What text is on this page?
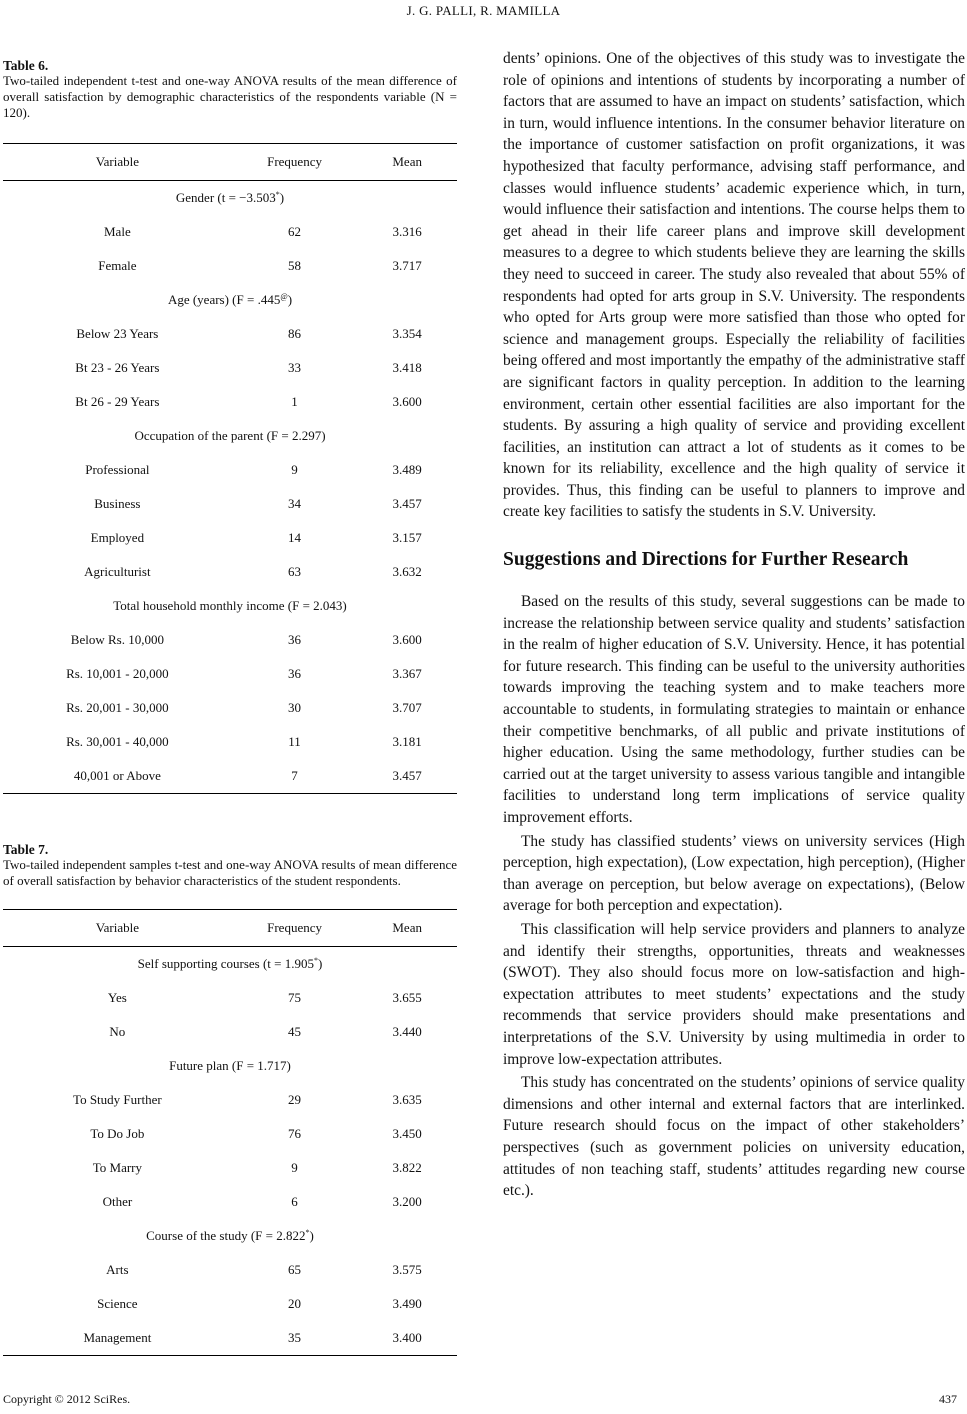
J. G. PALLI, R. MAMILLA
Table 6.
Two-tailed independent t-test and one-way ANOVA results of the mean difference of overall satisfaction by demographic characteristics of the respondents variable (N = 120).
Variable	Frequency	Mean
Gender (t = −3.503*)		
Male	62	3.316
Female	58	3.717
Age (years) (F = .445@)		
Below 23 Years	86	3.354
Bt 23 - 26 Years	33	3.418
Bt 26 - 29 Years	1	3.600
Occupation of the parent (F = 2.297)		
Professional	9	3.489
Business	34	3.457
Employed	14	3.157
Agriculturist	63	3.632
Total household monthly income (F = 2.043)		
Below Rs. 10,000	36	3.600
Rs. 10,001 - 20,000	36	3.367
Rs. 20,001 - 30,000	30	3.707
Rs. 30,001 - 40,000	11	3.181
40,001 or Above	7	3.457
Table 7.
Two-tailed independent samples t-test and one-way ANOVA results of mean difference of overall satisfaction by behavior characteristics of the student respondents.
Variable	Frequency	Mean
Self supporting courses (t = 1.905*)		
Yes	75	3.655
No	45	3.440
Future plan (F = 1.717)		
To Study Further	29	3.635
To Do Job	76	3.450
To Marry	9	3.822
Other	6	3.200
Course of the study (F = 2.822*)		
Arts	65	3.575
Science	20	3.490
Management	35	3.400

dents’ opinions. One of the objectives of this study was to investigate the role of opinions and intentions of students by incorporating a number of factors that are assumed to have an impact on students’ satisfaction, which in turn, would influence intentions. In the consumer behavior literature on the importance of customer satisfaction on profit organizations, it was hypothesized that faculty performance, advising staff performance, and classes would influence students’ academic experience which, in turn, would influence their satisfaction and intentions. The course helps them to get ahead in their life career plans and improve skill development measures to a degree to which students believe they are learning the skills they need to succeed in career. The study also revealed that about 55% of respondents had opted for arts group in S.V. University. The respondents who opted for Arts group were more satisfied than those who opted for science and management groups. Especially the reliability of facilities being offered and most importantly the empathy of the administrative staff are significant factors in quality perception. In addition to the learning environment, certain other essential facilities are also important for the students. By assuring a high quality of service and providing excellent facilities, an institution can attract a lot of students as it comes to be known for its reliability, excellence and the high quality of service it provides. Thus, this finding can be useful to planners to improve and create key facilities to satisfy the students in S.V. University.

Suggestions and Directions for Further Research

Based on the results of this study, several suggestions can be made to increase the relationship between service quality and students’ satisfaction in the realm of higher education of S.V. University. Hence, it has potential for future research. This finding can be useful to the university authorities towards improving the teaching system and to make teachers more accountable to students, in formulating strategies to maintain or enhance their competitive benchmarks, of all public and private institutions of higher education. Using the same methodology, further studies can be carried out at the target university to assess various tangible and intangible facilities to understand long term implications of service quality improvement efforts.

The study has classified students’ views on university services (High perception, high expectation), (Low expectation, high perception), (Higher than average on perception, but below average on expectations), (Below average for both perception and expectation).

This classification will help service providers and planners to analyze and identify their strengths, opportunities, threats and weaknesses (SWOT). They also should focus more on low-satisfaction and high-expectation attributes to meet students’ expectations and the study recommends that service providers should make presentations and interpretations of the S.V. University by using multimedia in order to improve low-expectation attributes.

This study has concentrated on the students’ opinions of service quality dimensions and other internal and external factors that are interlinked. Future research should focus on the impact of other stakeholders’ perspectives (such as government policies on university education, attitudes of non teaching staff, students’ attitudes regarding new course etc.).

Copyright © 2012 SciRes.	437
